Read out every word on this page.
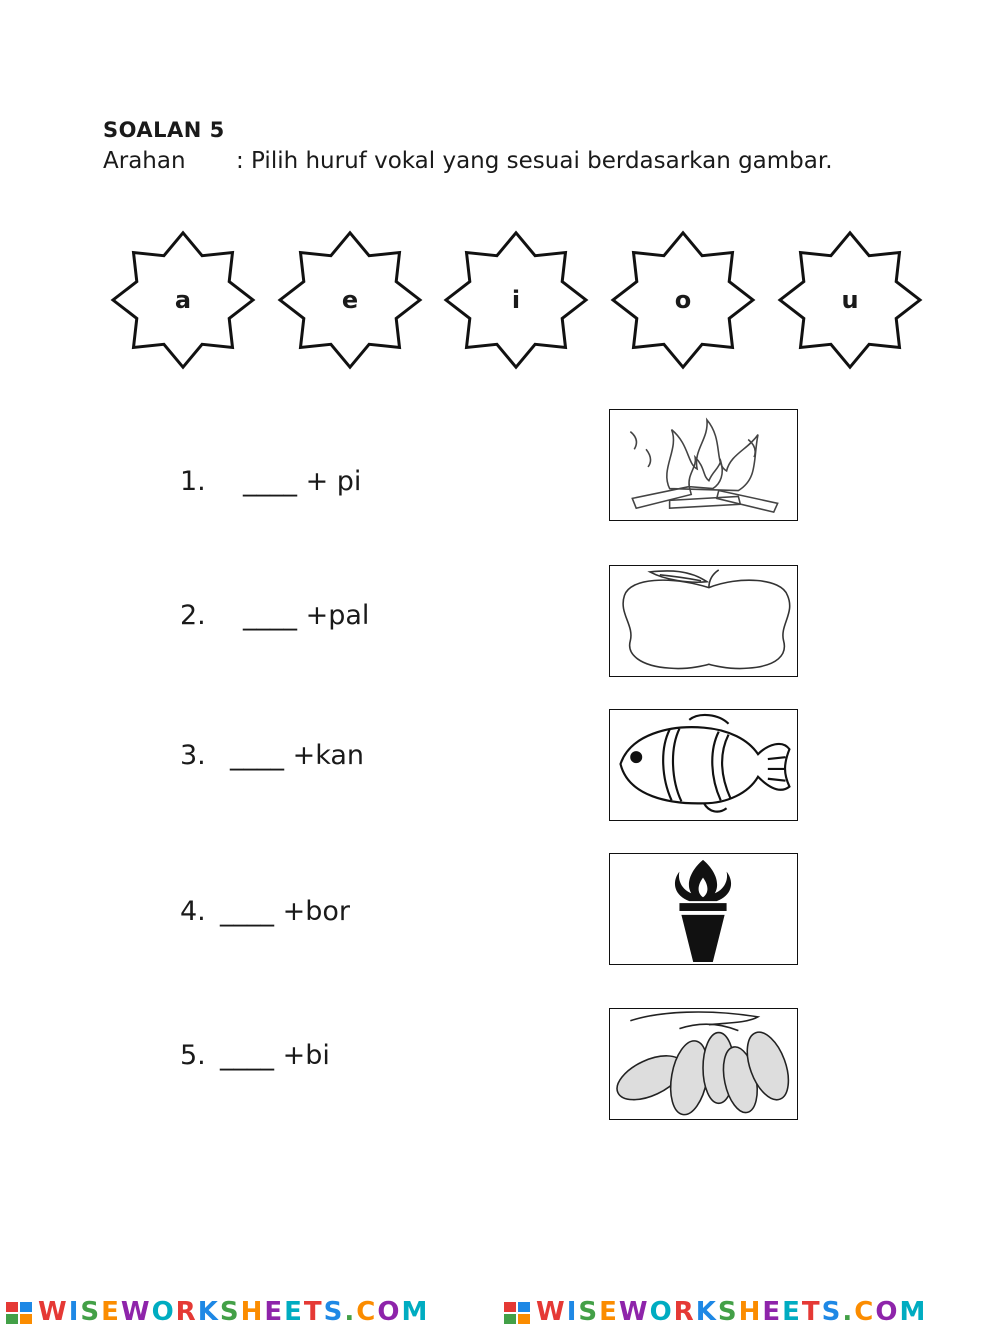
SOALAN 5
Arahan : Pilih huruf vokal yang sesuai berdasarkan gambar.
a	e	i	o	u
1. ____ + pi
2. ____ +pal
3. ____ +kan
4. ____ +bor
5. ____ +bi
WISEWORKSHEETS.COM	WISEWORKSHEETS.COM
